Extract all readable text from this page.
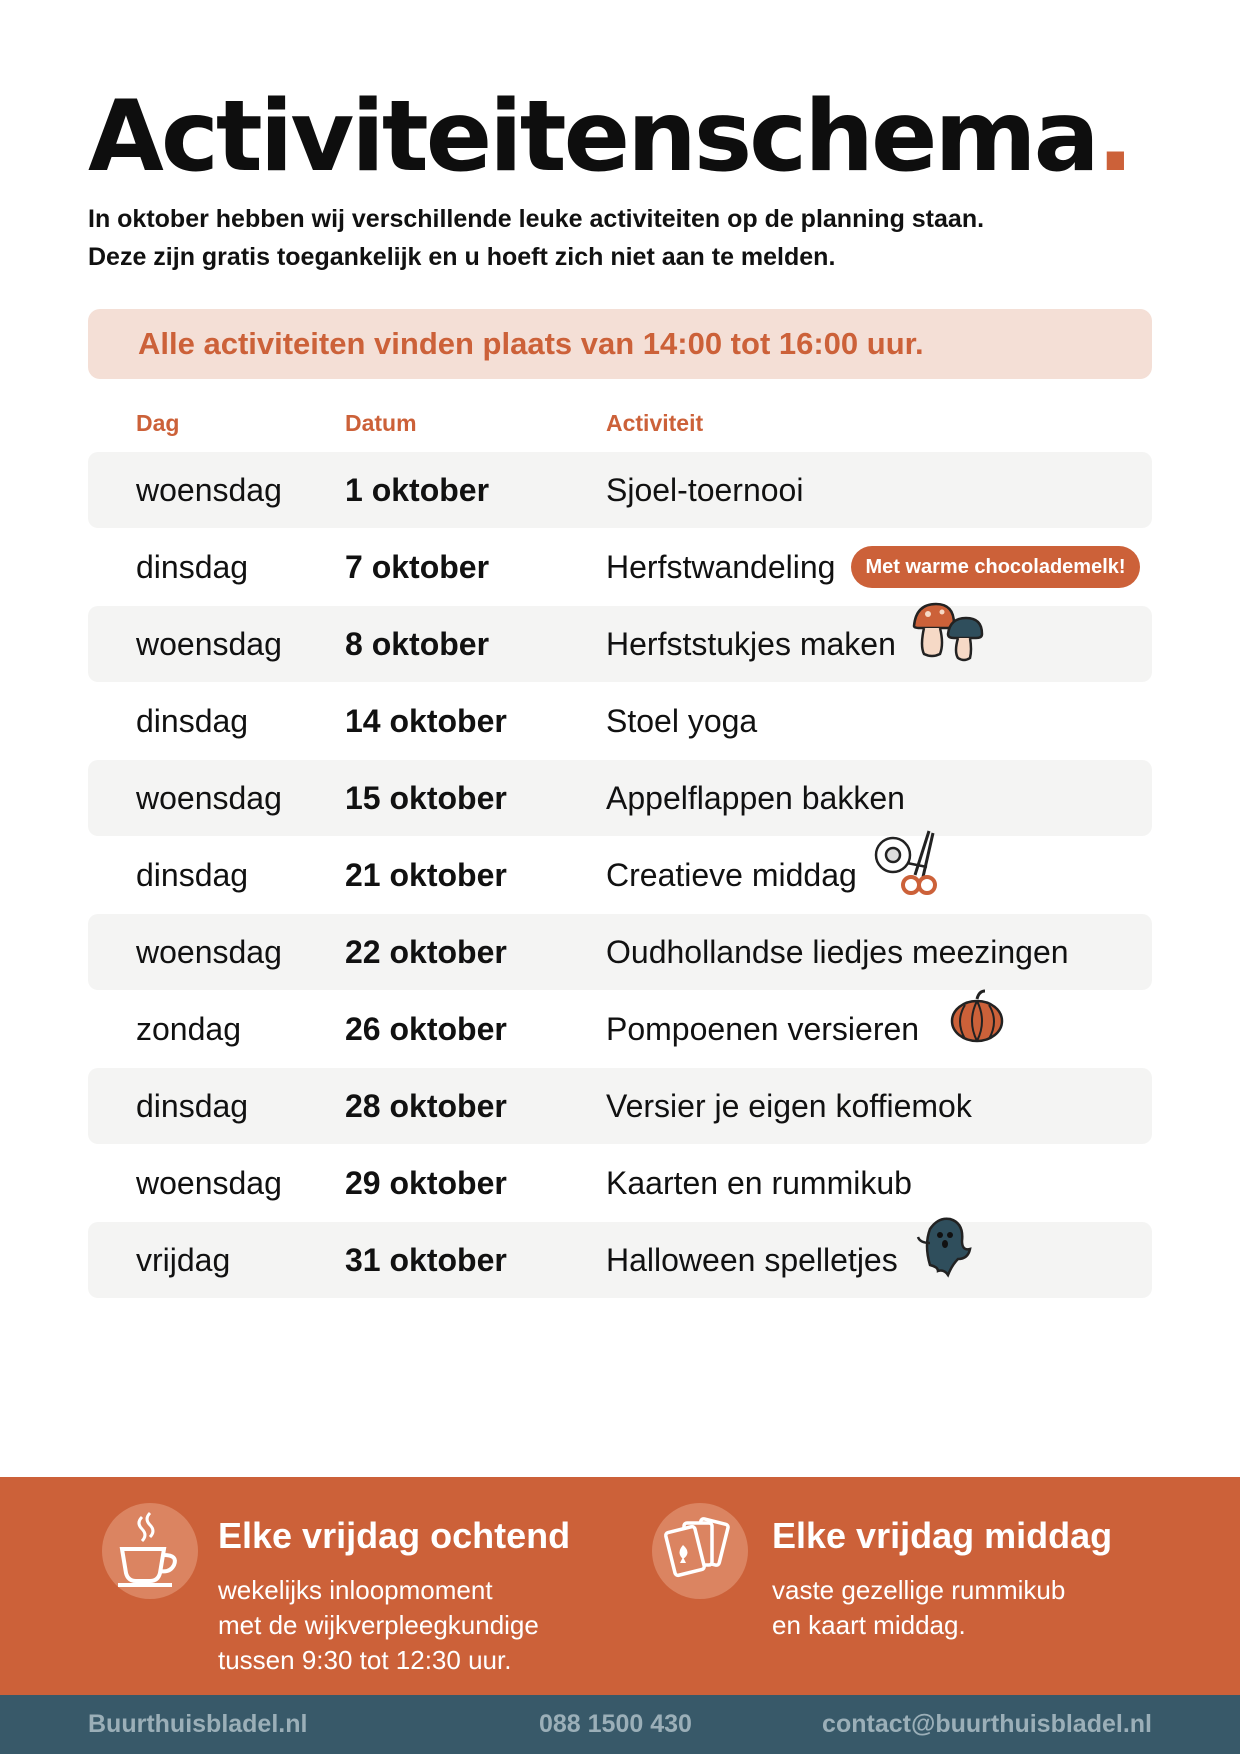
Activiteitenschema.

In oktober hebben wij verschillende leuke activiteiten op de planning staan.
Deze zijn gratis toegankelijk en u hoeft zich niet aan te melden.

Alle activiteiten vinden plaats van 14:00 tot 16:00 uur.
Dag	Datum	Activiteit
woensdag 1 oktober	Sjoel-toernooi
dinsdag	7 oktober	Herfstwandeling	Met warme chocolademelk!
woensdag 8 oktober	Herfststukjes maken
dinsdag	14 oktober	Stoel yoga
woensdag 15 oktober	Appelflappen bakken
dinsdag	21 oktober	Creatieve middag
woensdag 22 oktober	Oudhollandse liedjes meezingen
zondag	26 oktober	Pompoenen versieren
dinsdag	28 oktober	Versier je eigen koffiemok
woensdag 29 oktober	Kaarten en rummikub
vrijdag	31 oktober	Halloween spelletjes
Elke vrijdag ochtend
wekelijks inloopmoment
met de wijkverpleegkundige
tussen 9:30 tot 12:30 uur.
Elke vrijdag middag
vaste gezellige rummikub
en kaart middag.
Buurthuisbladel.nl	088 1500 430	contact@buurthuisbladel.nl
